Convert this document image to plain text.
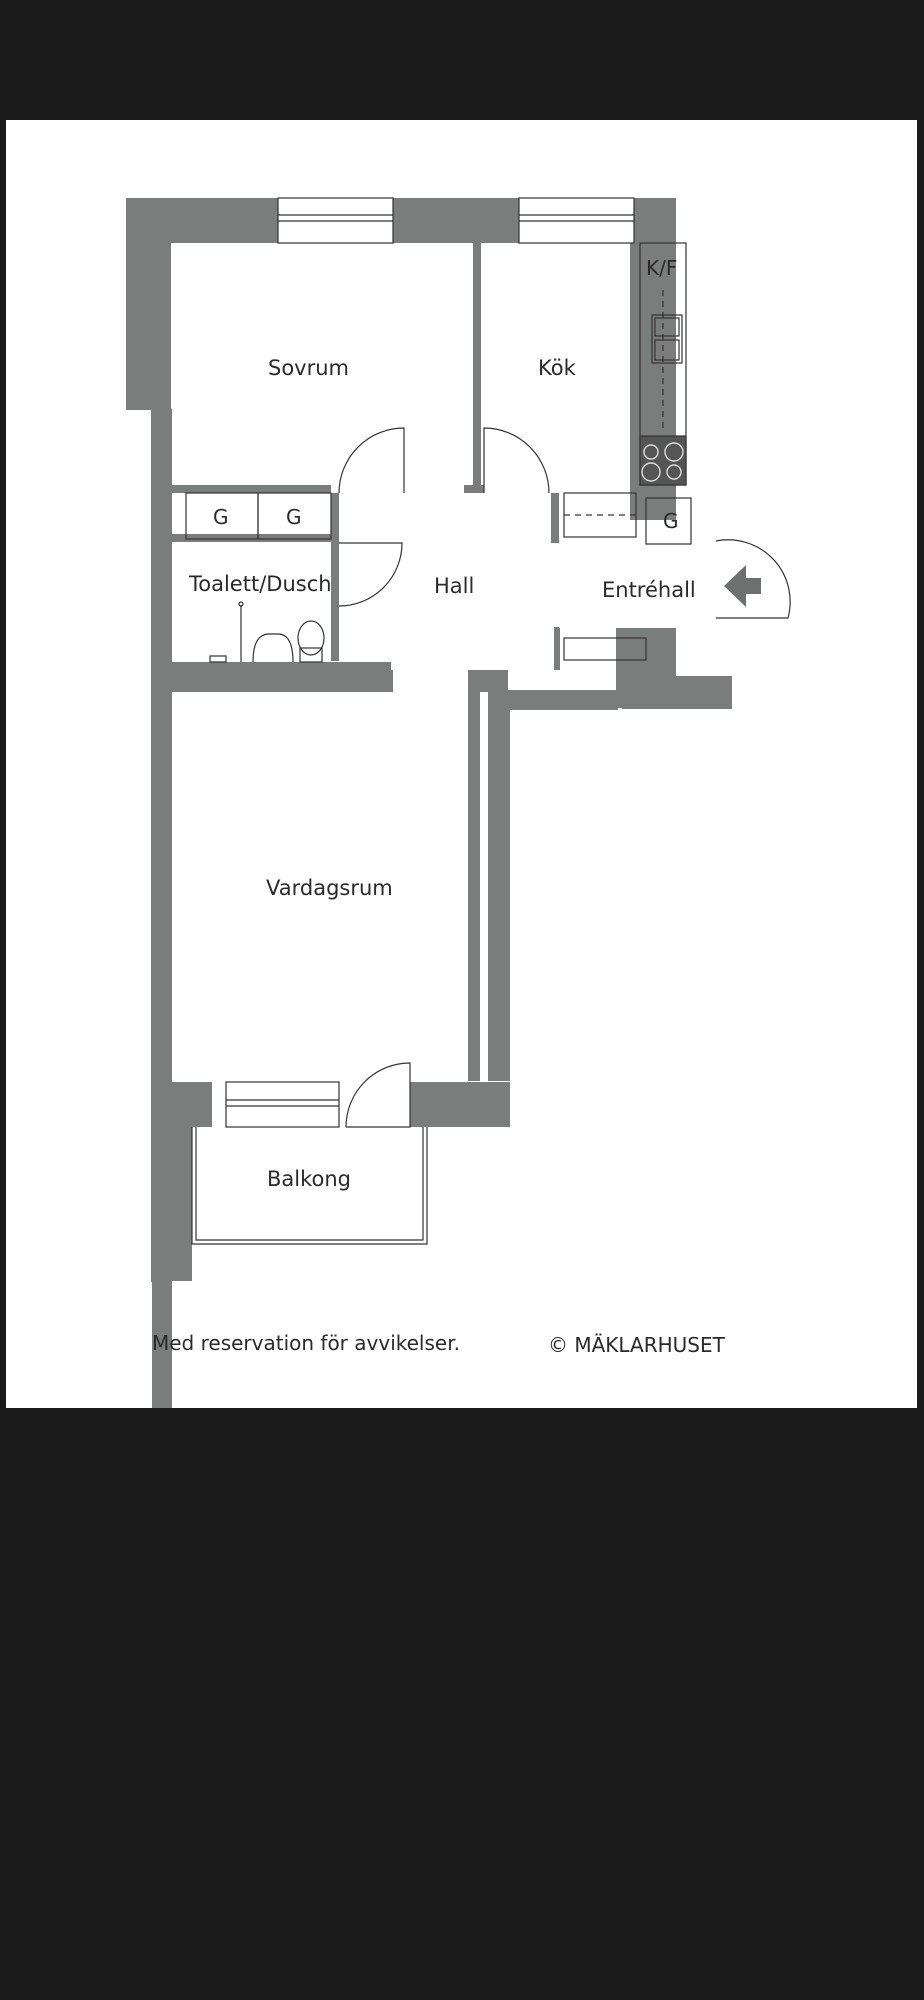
Sovrum	Kök
Hall	Entréhall
Toalett/Dusch
Vardagsrum
Balkong
K/F
G	G	G
Med reservation för avvikelser.	© MÄKLARHUSET
